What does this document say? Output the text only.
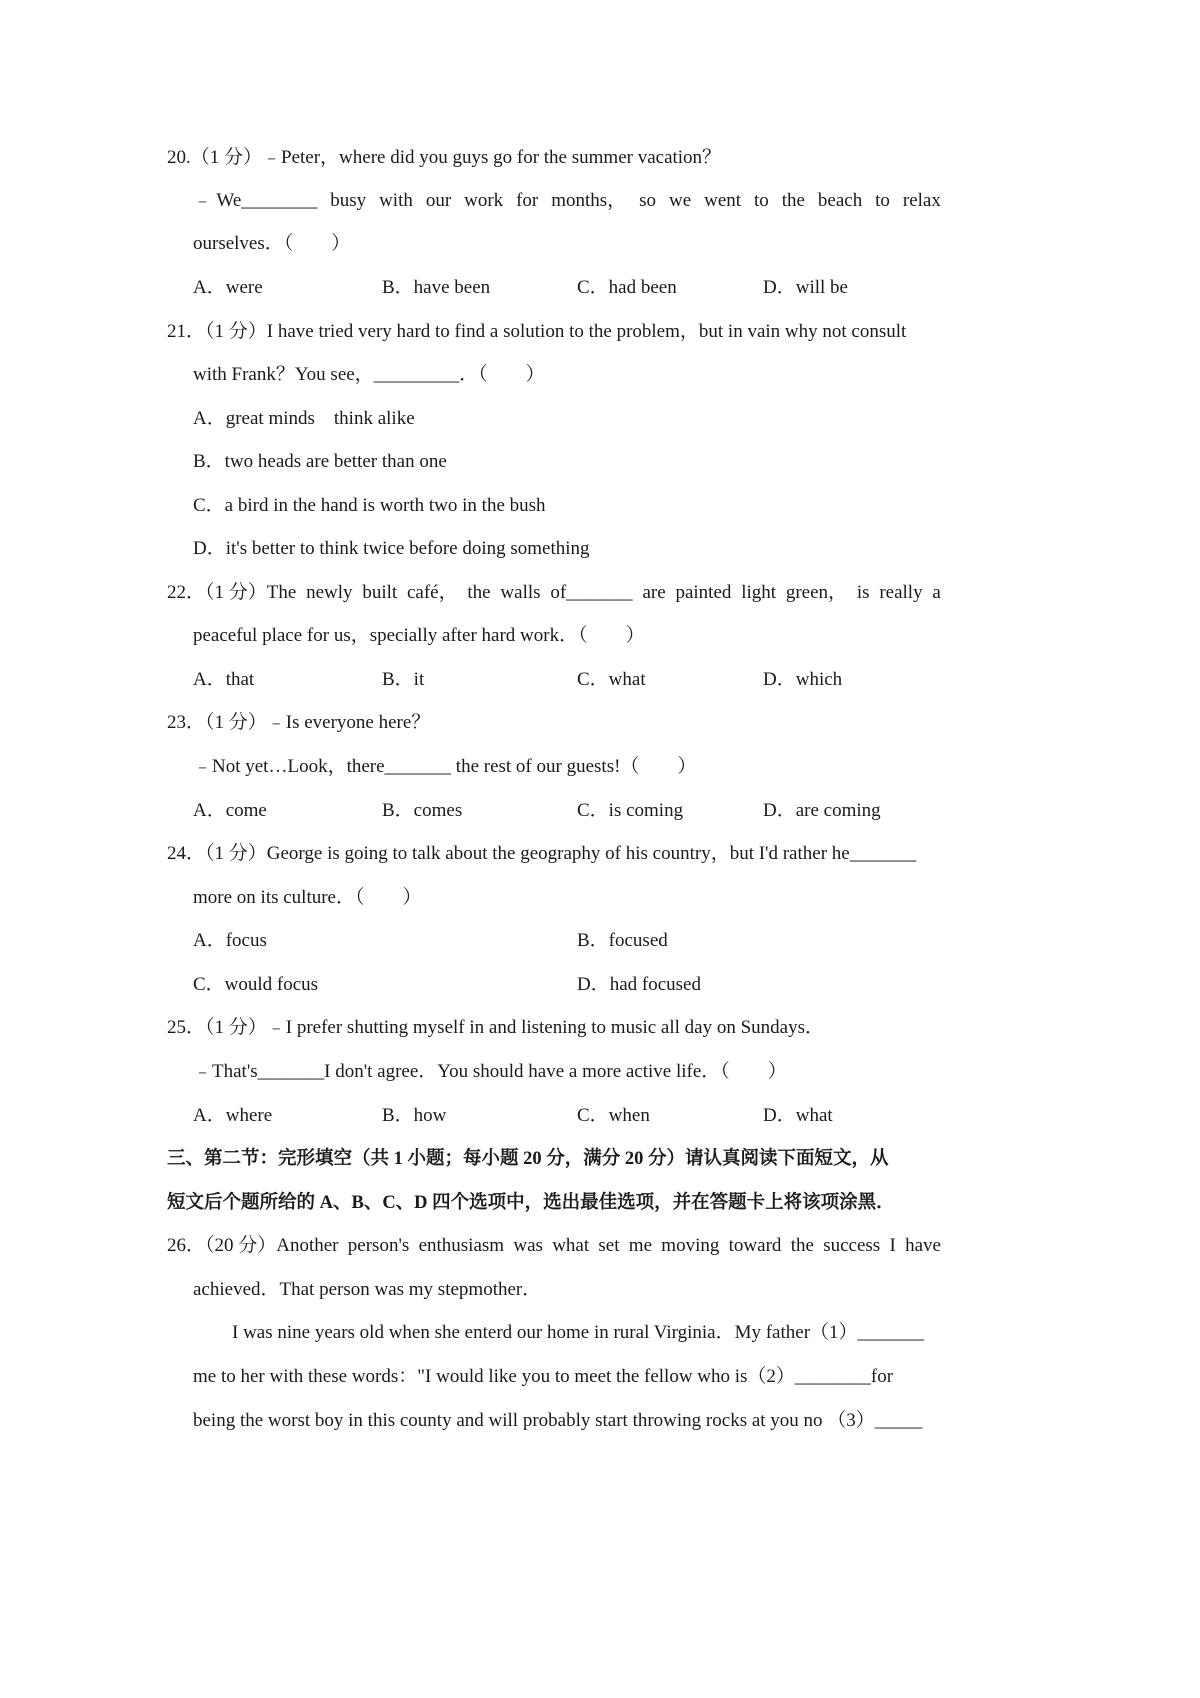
20.（1 分）﹣Peter，where did you guys go for the summer vacation？
﹣ We________ busy with our work for months， so we went to the beach to relax
ourselves．（　　）
A．were	B．have been	C．had been	D．will be
21．（1 分）I have tried very hard to find a solution to the problem，but in vain why not consult
with Frank？You see，_________．（　　）
A．great minds　think alike
B．two heads are better than one
C．a bird in the hand is worth two in the bush
D．it's better to think twice before doing something
22．（1 分）The newly built café， the walls of_______ are painted light green， is really a
peaceful place for us，specially after hard work．（　　）
A．that	B．it	C．what	D．which
23．（1 分）﹣Is everyone here？
﹣Not yet…Look，there_______ the rest of our guests!（　　）
A．come	B．comes	C．is coming	D．are coming
24．（1 分）George is going to talk about the geography of his country，but I'd rather he_______
more on its culture．（　　）
A．focus	B．focused
C．would focus	D．had focused
25．（1 分）﹣I prefer shutting myself in and listening to music all day on Sundays．
﹣That's_______I don't agree．You should have a more active life．（　　）
A．where	B．how	C．when	D．what
三、第二节：完形填空（共 1 小题；每小题 20 分，满分 20 分）请认真阅读下面短文，从
短文后个题所给的 A、B、C、D 四个选项中，选出最佳选项，并在答题卡上将该项涂黑．
26．（20 分）Another person's enthusiasm was what set me moving toward the success I have
achieved．That person was my stepmother．
I was nine years old when she enterd our home in rural Virginia．My father（1）_______
me to her with these words："I would like you to meet the fellow who is（2）________for
being the worst boy in this county and will probably start throwing rocks at you no （3）_____
